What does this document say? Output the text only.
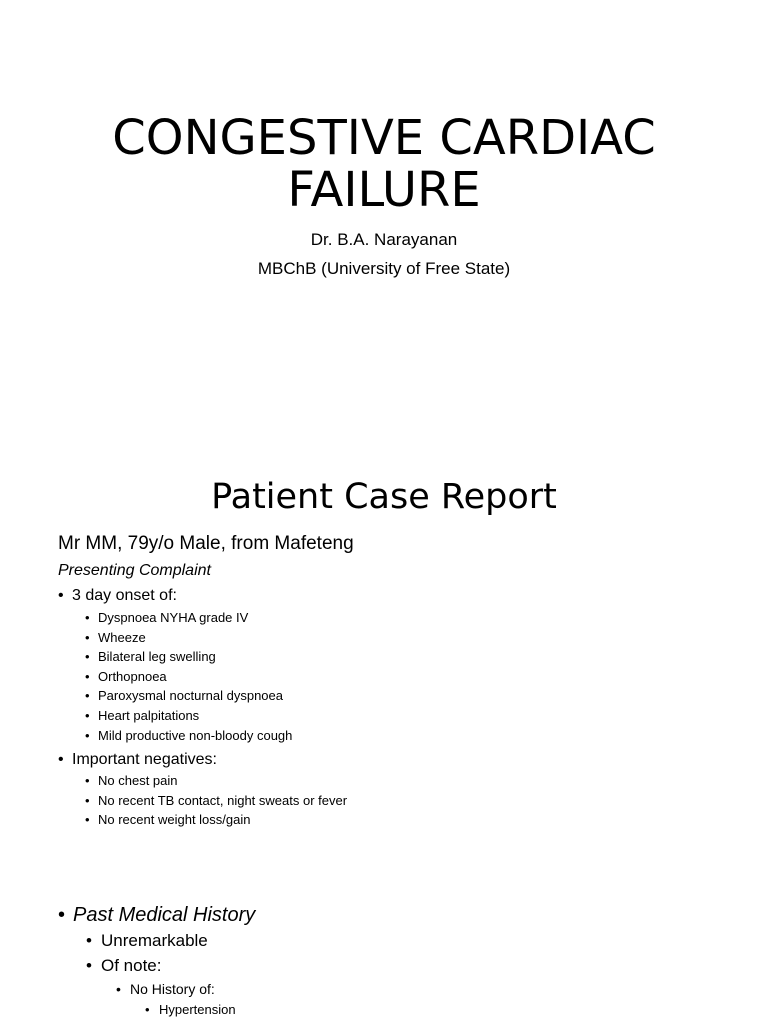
CONGESTIVE CARDIAC
FAILURE
Dr. B.A. Narayanan
MBChB (University of Free State)
Patient Case Report
Mr MM, 79y/o Male, from Mafeteng
Presenting Complaint
• 3 day onset of:
• Dyspnoea NYHA grade IV
• Wheeze
• Bilateral leg swelling
• Orthopnoea
• Paroxysmal nocturnal dyspnoea
• Heart palpitations
• Mild productive non-bloody cough
• Important negatives:
• No chest pain
• No recent TB contact, night sweats or fever
• No recent weight loss/gain
• Past Medical History
• Unremarkable
• Of note:
• No History of:
• Hypertension
